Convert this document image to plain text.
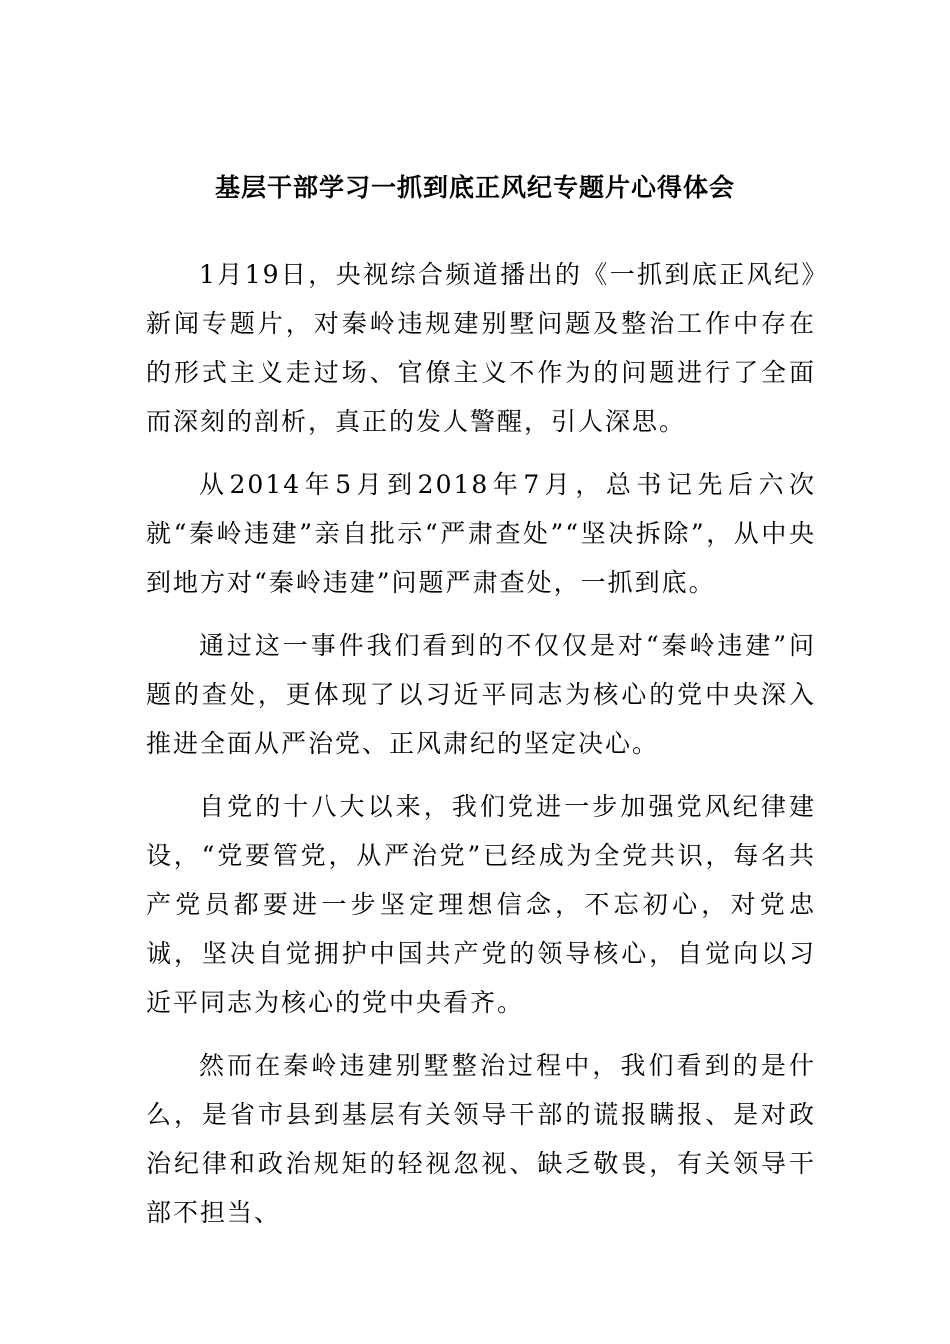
基层干部学习一抓到底正风纪专题片心得体会

1月19日，央视综合频道播出的《一抓到底正风纪》新闻专题片，对秦岭违规建别墅问题及整治工作中存在的形式主义走过场、官僚主义不作为的问题进行了全面而深刻的剖析，真正的发人警醒，引人深思。

从2014年5月到2018年7月，总书记先后六次就“秦岭违建”亲自批示“严肃查处”“坚决拆除”，从中央到地方对“秦岭违建”问题严肃查处，一抓到底。

通过这一事件我们看到的不仅仅是对“秦岭违建”问题的查处，更体现了以习近平同志为核心的党中央深入推进全面从严治党、正风肃纪的坚定决心。

自党的十八大以来，我们党进一步加强党风纪律建设，“党要管党，从严治党”已经成为全党共识，每名共产党员都要进一步坚定理想信念，不忘初心，对党忠诚，坚决自觉拥护中国共产党的领导核心，自觉向以习近平同志为核心的党中央看齐。

然而在秦岭违建别墅整治过程中，我们看到的是什么，是省市县到基层有关领导干部的谎报瞒报、是对政治纪律和政治规矩的轻视忽视、缺乏敬畏，有关领导干部不担当、
